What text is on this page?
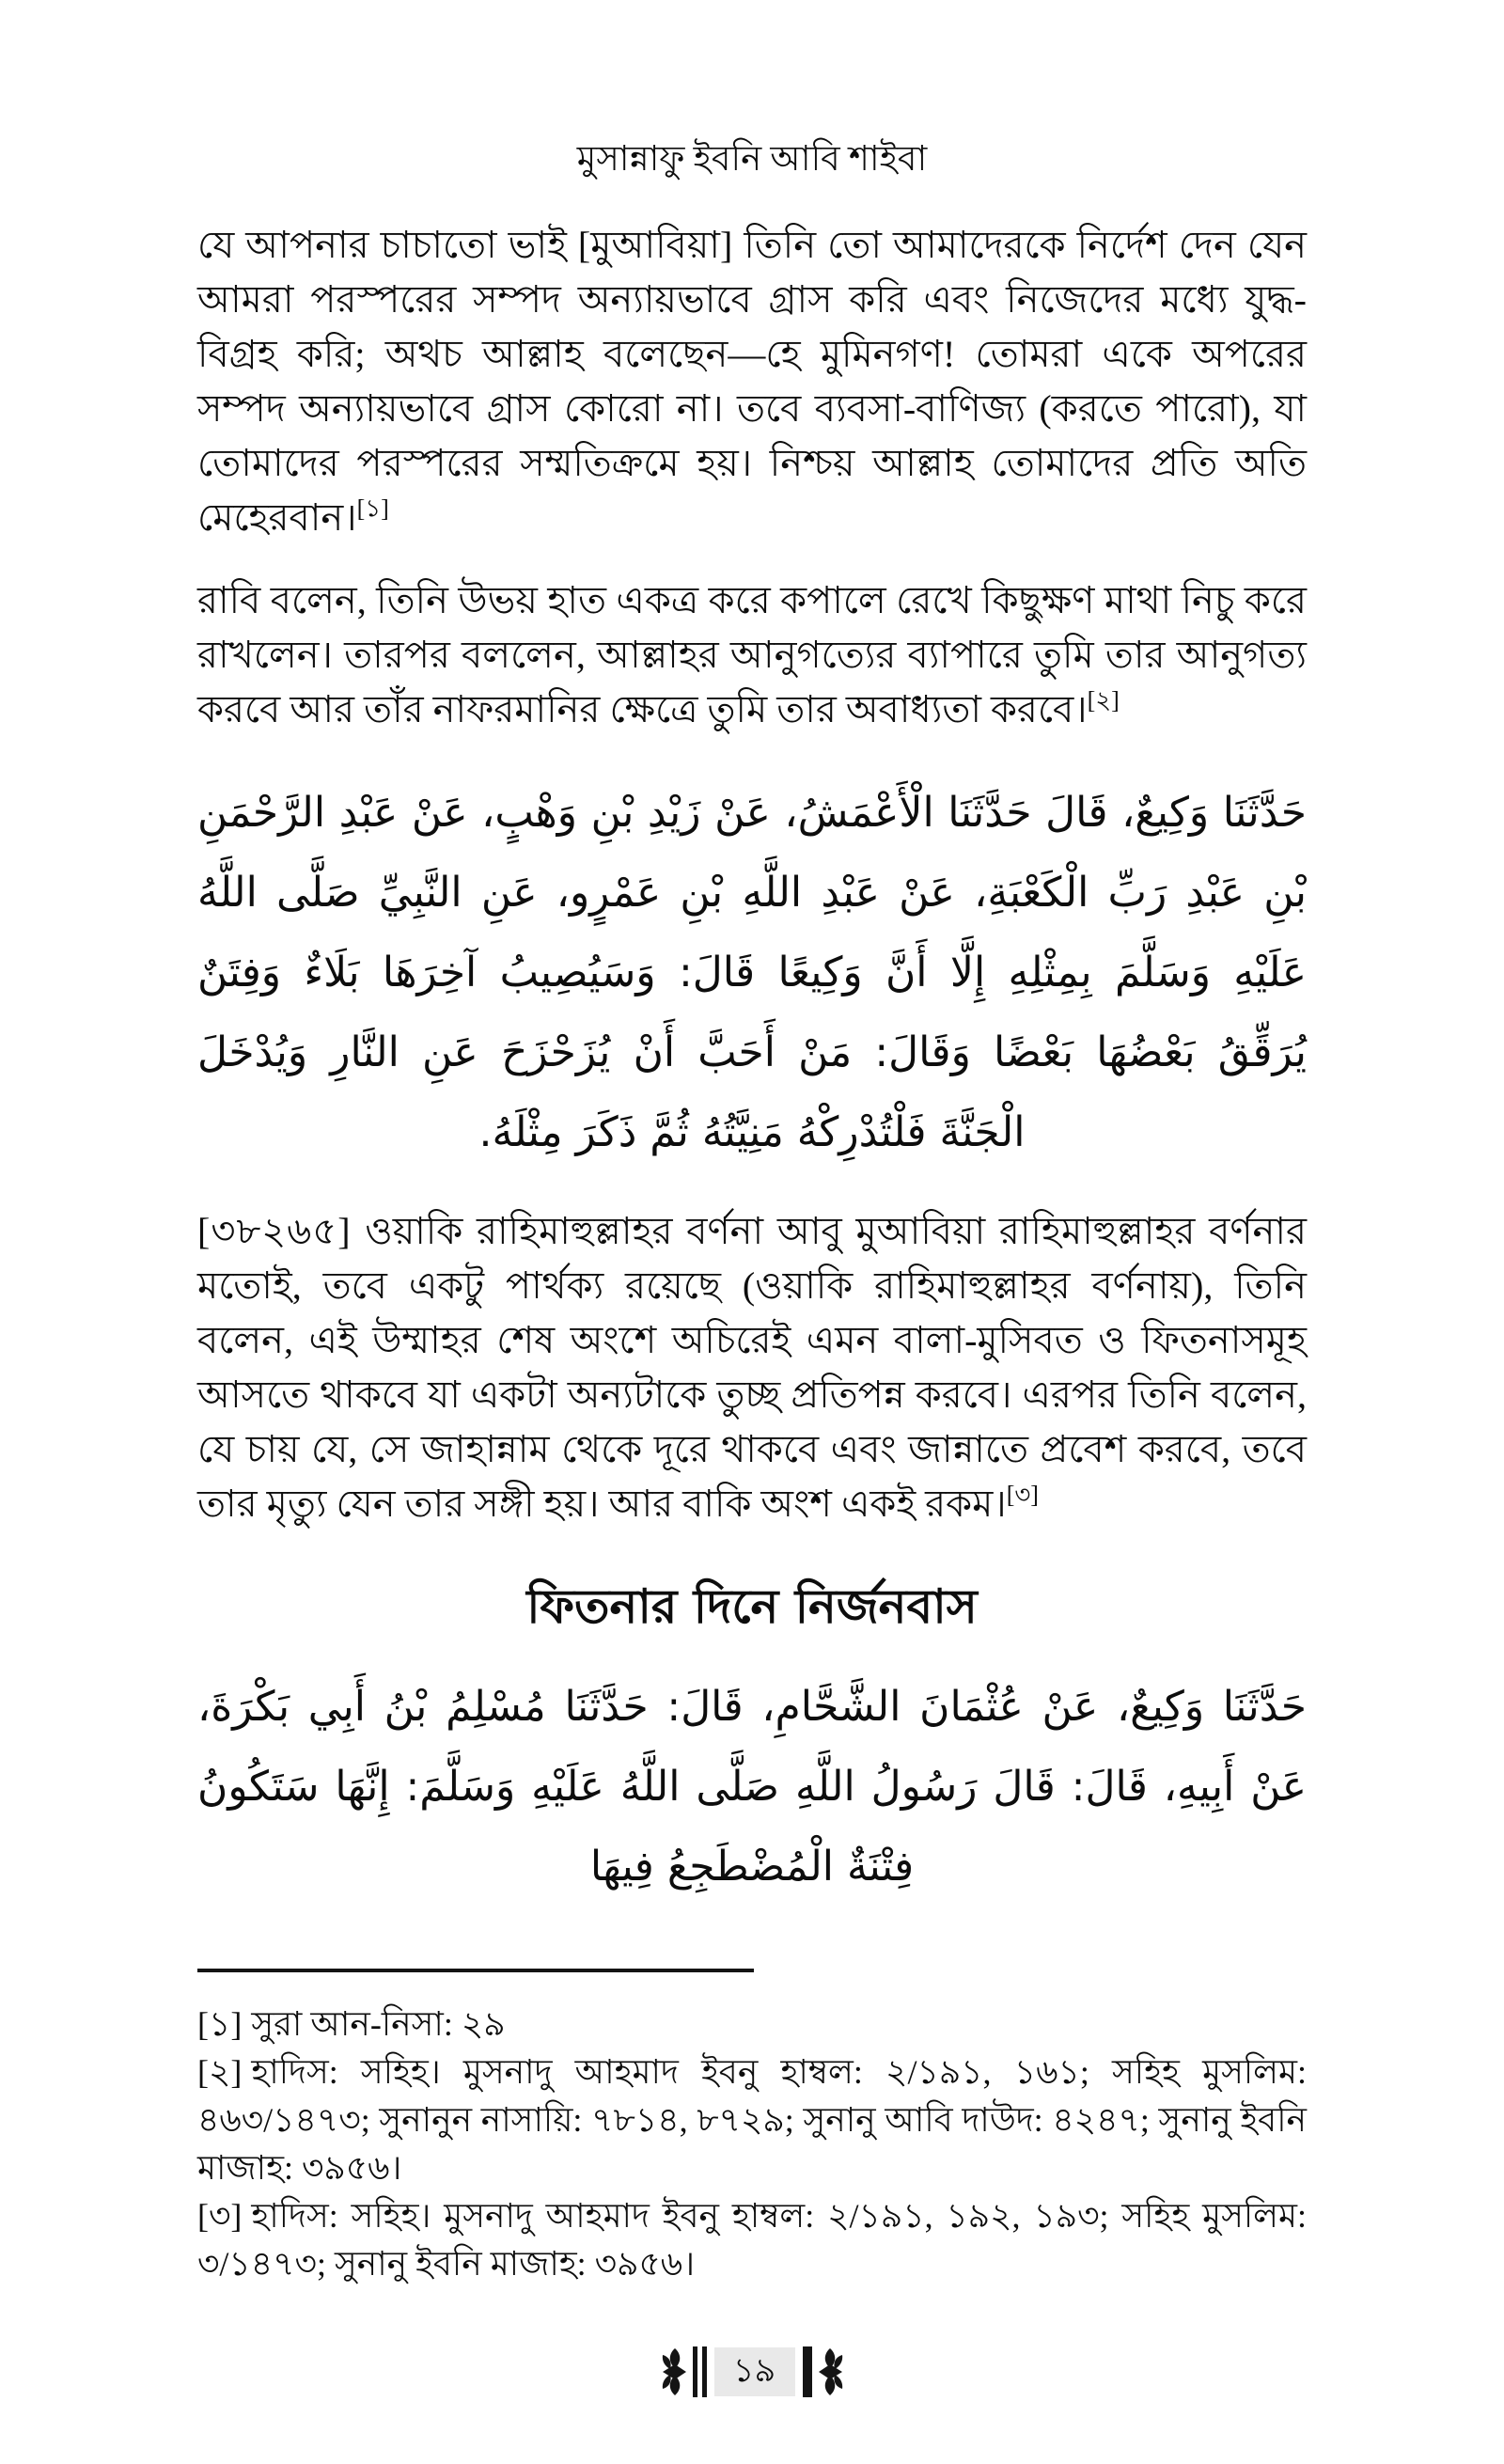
মুসান্নাফু ইবনি আবি শাইবা

যে আপনার চাচাতো ভাই [মুআবিয়া] তিনি তো আমাদেরকে নির্দেশ দেন যেন আমরা পরস্পরের সম্পদ অন্যায়ভাবে গ্রাস করি এবং নিজেদের মধ্যে যুদ্ধ-বিগ্রহ করি; অথচ আল্লাহ বলেছেন—হে মুমিনগণ! তোমরা একে অপরের সম্পদ অন্যায়ভাবে গ্রাস কোরো না। তবে ব্যবসা-বাণিজ্য (করতে পারো), যা তোমাদের পরস্পরের সম্মতিক্রমে হয়। নিশ্চয় আল্লাহ তোমাদের প্রতি অতি মেহেরবান।[১]

রাবি বলেন, তিনি উভয় হাত একত্র করে কপালে রেখে কিছুক্ষণ মাথা নিচু করে রাখলেন। তারপর বললেন, আল্লাহর আনুগত্যের ব্যাপারে তুমি তার আনুগত্য করবে আর তাঁর নাফরমানির ক্ষেত্রে তুমি তার অবাধ্যতা করবে।[২]

حَدَّثَنَا وَكِيعٌ، قَالَ حَدَّثَنَا الْأَعْمَشُ، عَنْ زَيْدِ بْنِ وَهْبٍ، عَنْ عَبْدِ الرَّحْمَنِ بْنِ عَبْدِ رَبِّ الْكَعْبَةِ، عَنْ عَبْدِ اللَّهِ بْنِ عَمْرٍو، عَنِ النَّبِيِّ صَلَّى اللَّهُ عَلَيْهِ وَسَلَّمَ بِمِثْلِهِ إِلَّا أَنَّ وَكِيعًا قَالَ: وَسَيُصِيبُ آخِرَهَا بَلَاءٌ وَفِتَنٌ يُرَقِّقُ بَعْضُهَا بَعْضًا وَقَالَ: مَنْ أَحَبَّ أَنْ يُزَحْزَحَ عَنِ النَّارِ وَيُدْخَلَ الْجَنَّةَ فَلْتُدْرِكْهُ مَنِيَّتُهُ ثُمَّ ذَكَرَ مِثْلَهُ.

[৩৮২৬৫] ওয়াকি রাহিমাহুল্লাহর বর্ণনা আবু মুআবিয়া রাহিমাহুল্লাহর বর্ণনার মতোই, তবে একটু পার্থক্য রয়েছে (ওয়াকি রাহিমাহুল্লাহর বর্ণনায়), তিনি বলেন, এই উম্মাহর শেষ অংশে অচিরেই এমন বালা-মুসিবত ও ফিতনাসমূহ আসতে থাকবে যা একটা অন্যটাকে তুচ্ছ প্রতিপন্ন করবে। এরপর তিনি বলেন, যে চায় যে, সে জাহান্নাম থেকে দূরে থাকবে এবং জান্নাতে প্রবেশ করবে, তবে তার মৃত্যু যেন তার সঙ্গী হয়। আর বাকি অংশ একই রকম।[৩]

ফিতনার দিনে নির্জনবাস

حَدَّثَنَا وَكِيعٌ، عَنْ عُثْمَانَ الشَّحَّامِ، قَالَ: حَدَّثَنَا مُسْلِمُ بْنُ أَبِي بَكْرَةَ، عَنْ أَبِيهِ، قَالَ: قَالَ رَسُولُ اللَّهِ صَلَّى اللَّهُ عَلَيْهِ وَسَلَّمَ: إِنَّهَا سَتَكُونُ فِتْنَةٌ الْمُضْطَجِعُ فِيهَا

[১] সুরা আন-নিসা: ২৯

[২] হাদিস: সহিহ। মুসনাদু আহমাদ ইবনু হাম্বল: ২/১৯১, ১৬১; সহিহ মুসলিম: ৪৬৩/১৪৭৩; সুনানুন নাসায়ি: ৭৮১৪, ৮৭২৯; সুনানু আবি দাউদ: ৪২৪৭; সুনানু ইবনি মাজাহ: ৩৯৫৬।

[৩] হাদিস: সহিহ। মুসনাদু আহমাদ ইবনু হাম্বল: ২/১৯১, ১৯২, ১৯৩; সহিহ মুসলিম: ৩/১৪৭৩; সুনানু ইবনি মাজাহ: ৩৯৫৬।

১৯
